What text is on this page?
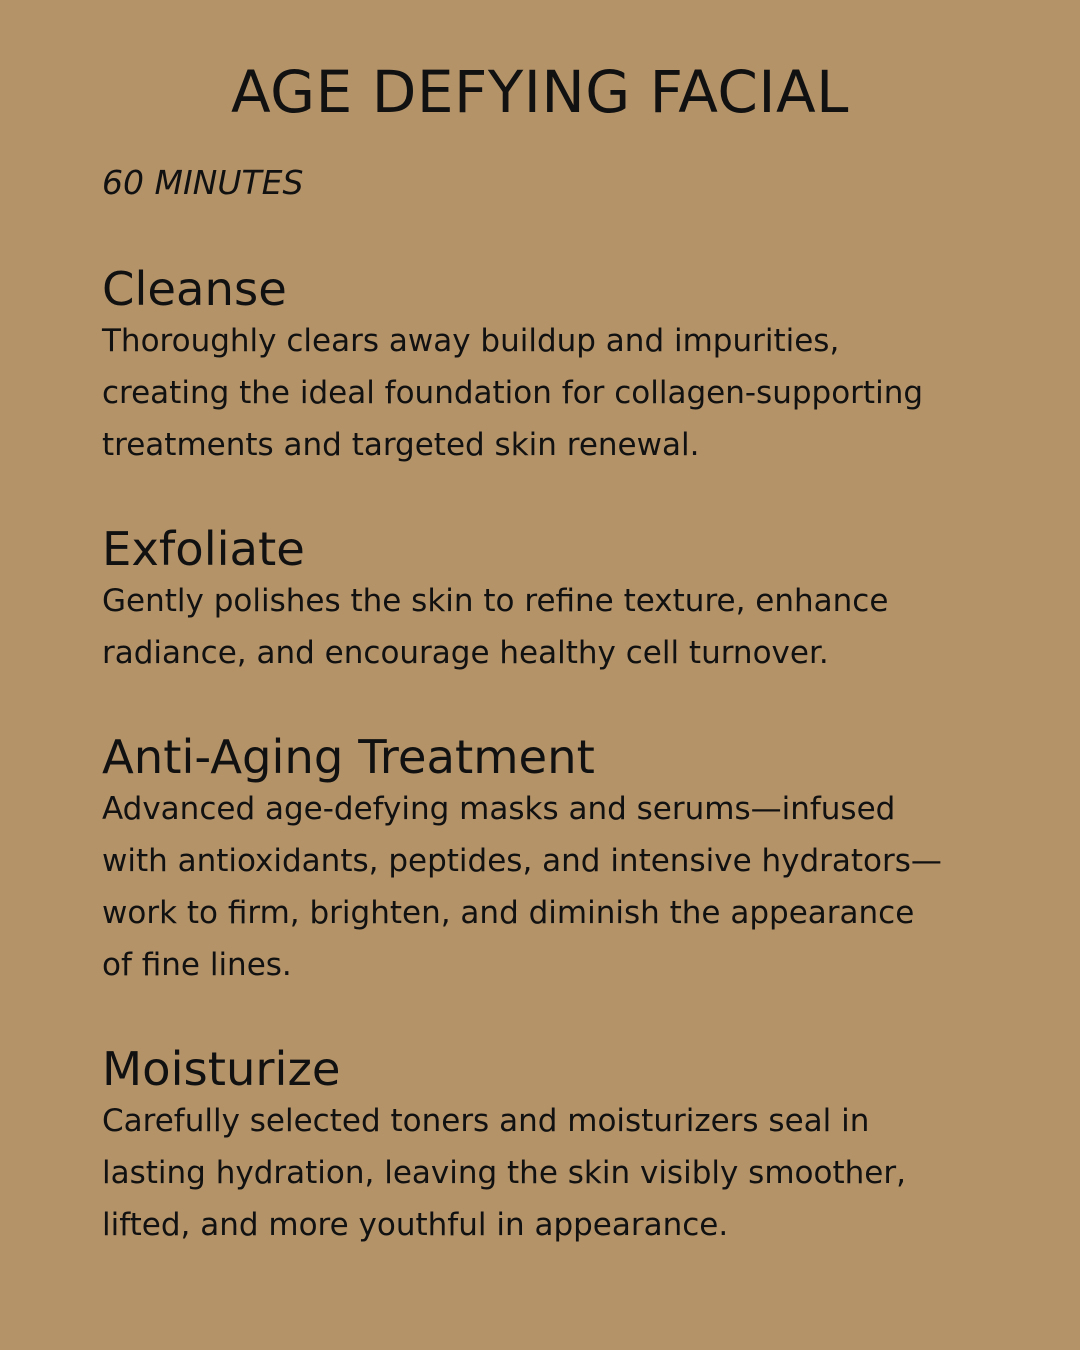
AGE DEFYING FACIAL

60 MINUTES

Cleanse

Thoroughly clears away buildup and impurities,
creating the ideal foundation for collagen-supporting
treatments and targeted skin renewal.

Exfoliate

Gently polishes the skin to refine texture, enhance
radiance, and encourage healthy cell turnover.

Anti-Aging Treatment

Advanced age-defying masks and serums—infused
with antioxidants, peptides, and intensive hydrators—
work to firm, brighten, and diminish the appearance
of fine lines.

Moisturize

Carefully selected toners and moisturizers seal in
lasting hydration, leaving the skin visibly smoother,
lifted, and more youthful in appearance.
